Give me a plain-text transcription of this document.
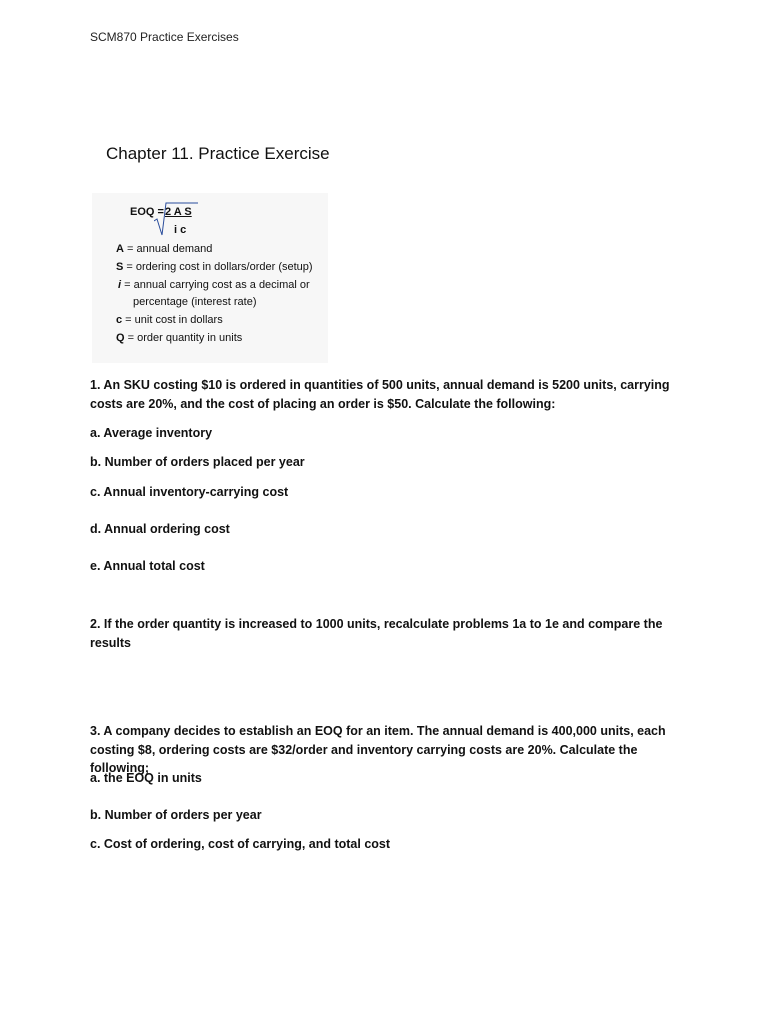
SCM870 Practice Exercises
Chapter 11. Practice Exercise
EOQ = 2 A S
i c
A = annual demand
S = ordering cost in dollars/order (setup)
i = annual carrying cost as a decimal or
percentage (interest rate)
c = unit cost in dollars
Q = order quantity in units
1. An SKU costing $10 is ordered in quantities of 500 units, annual demand is 5200 units, carrying costs are 20%, and the cost of placing an order is $50. Calculate the following:
a. Average inventory
b. Number of orders placed per year
c. Annual inventory-carrying cost
d. Annual ordering cost
e. Annual total cost
2. If the order quantity is increased to 1000 units, recalculate problems 1a to 1e and compare the results
3. A company decides to establish an EOQ for an item. The annual demand is 400,000 units, each costing $8, ordering costs are $32/order and inventory carrying costs are 20%. Calculate the following;
a. the EOQ in units
b. Number of orders per year
c. Cost of ordering, cost of carrying, and total cost
